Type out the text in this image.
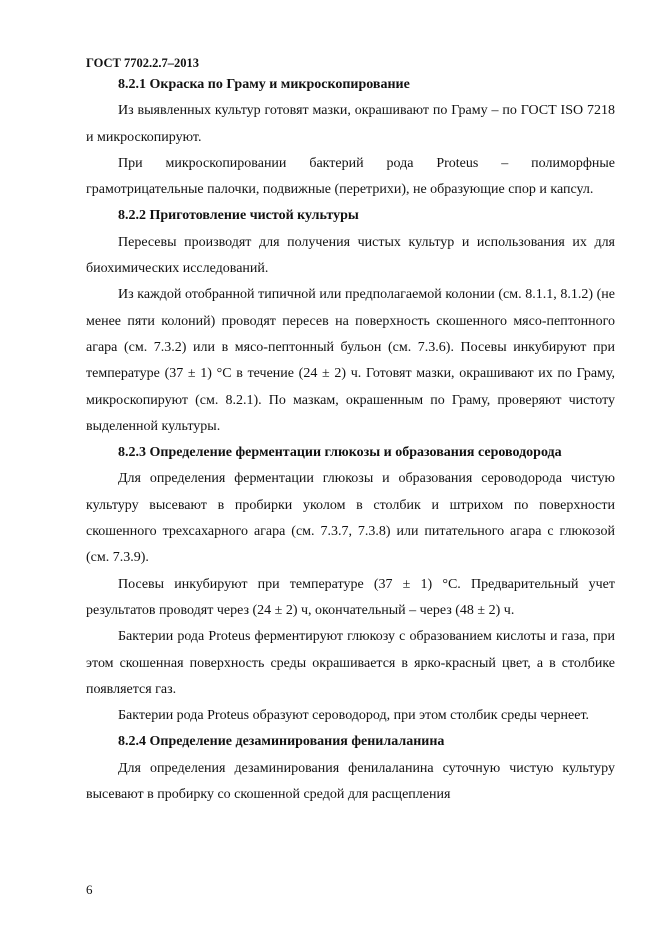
ГОСТ 7702.2.7–2013
8.2.1 Окраска по Граму и микроскопирование

Из выявленных культур готовят мазки, окрашивают по Граму – по ГОСТ ISO 7218 и микроскопируют.

При микроскопировании бактерий рода Proteus – полиморфные грамотрицательные палочки, подвижные (перетрихи), не образующие спор и капсул.

8.2.2 Приготовление чистой культуры

Пересевы производят для получения чистых культур и использования их для биохимических исследований.

Из каждой отобранной типичной или предполагаемой колонии (см. 8.1.1, 8.1.2) (не менее пяти колоний) проводят пересев на поверхность скошенного мясо-пептонного агара (см. 7.3.2) или в мясо-пептонный бульон (см. 7.3.6). Посевы инкубируют при температуре (37 ± 1) °С в течение (24 ± 2) ч. Готовят мазки, окрашивают их по Граму, микроскопируют (см. 8.2.1). По мазкам, окрашенным по Граму, проверяют чистоту выделенной культуры.

8.2.3 Определение ферментации глюкозы и образования сероводорода

Для определения ферментации глюкозы и образования сероводорода чистую культуру высевают в пробирки уколом в столбик и штрихом по поверхности скошенного трехсахарного агара (см. 7.3.7, 7.3.8) или питательного агара с глюкозой (см. 7.3.9).

Посевы инкубируют при температуре (37 ± 1) °С. Предварительный учет результатов проводят через (24 ± 2) ч, окончательный – через (48 ± 2) ч.

Бактерии рода Proteus ферментируют глюкозу с образованием кислоты и газа, при этом скошенная поверхность среды окрашивается в ярко-красный цвет, а в столбике появляется газ.

Бактерии рода Proteus образуют сероводород, при этом столбик среды чернеет.

8.2.4 Определение дезаминирования фенилаланина

Для определения дезаминирования фенилаланина суточную чистую культуру высевают в пробирку со скошенной средой для расщепления

6
